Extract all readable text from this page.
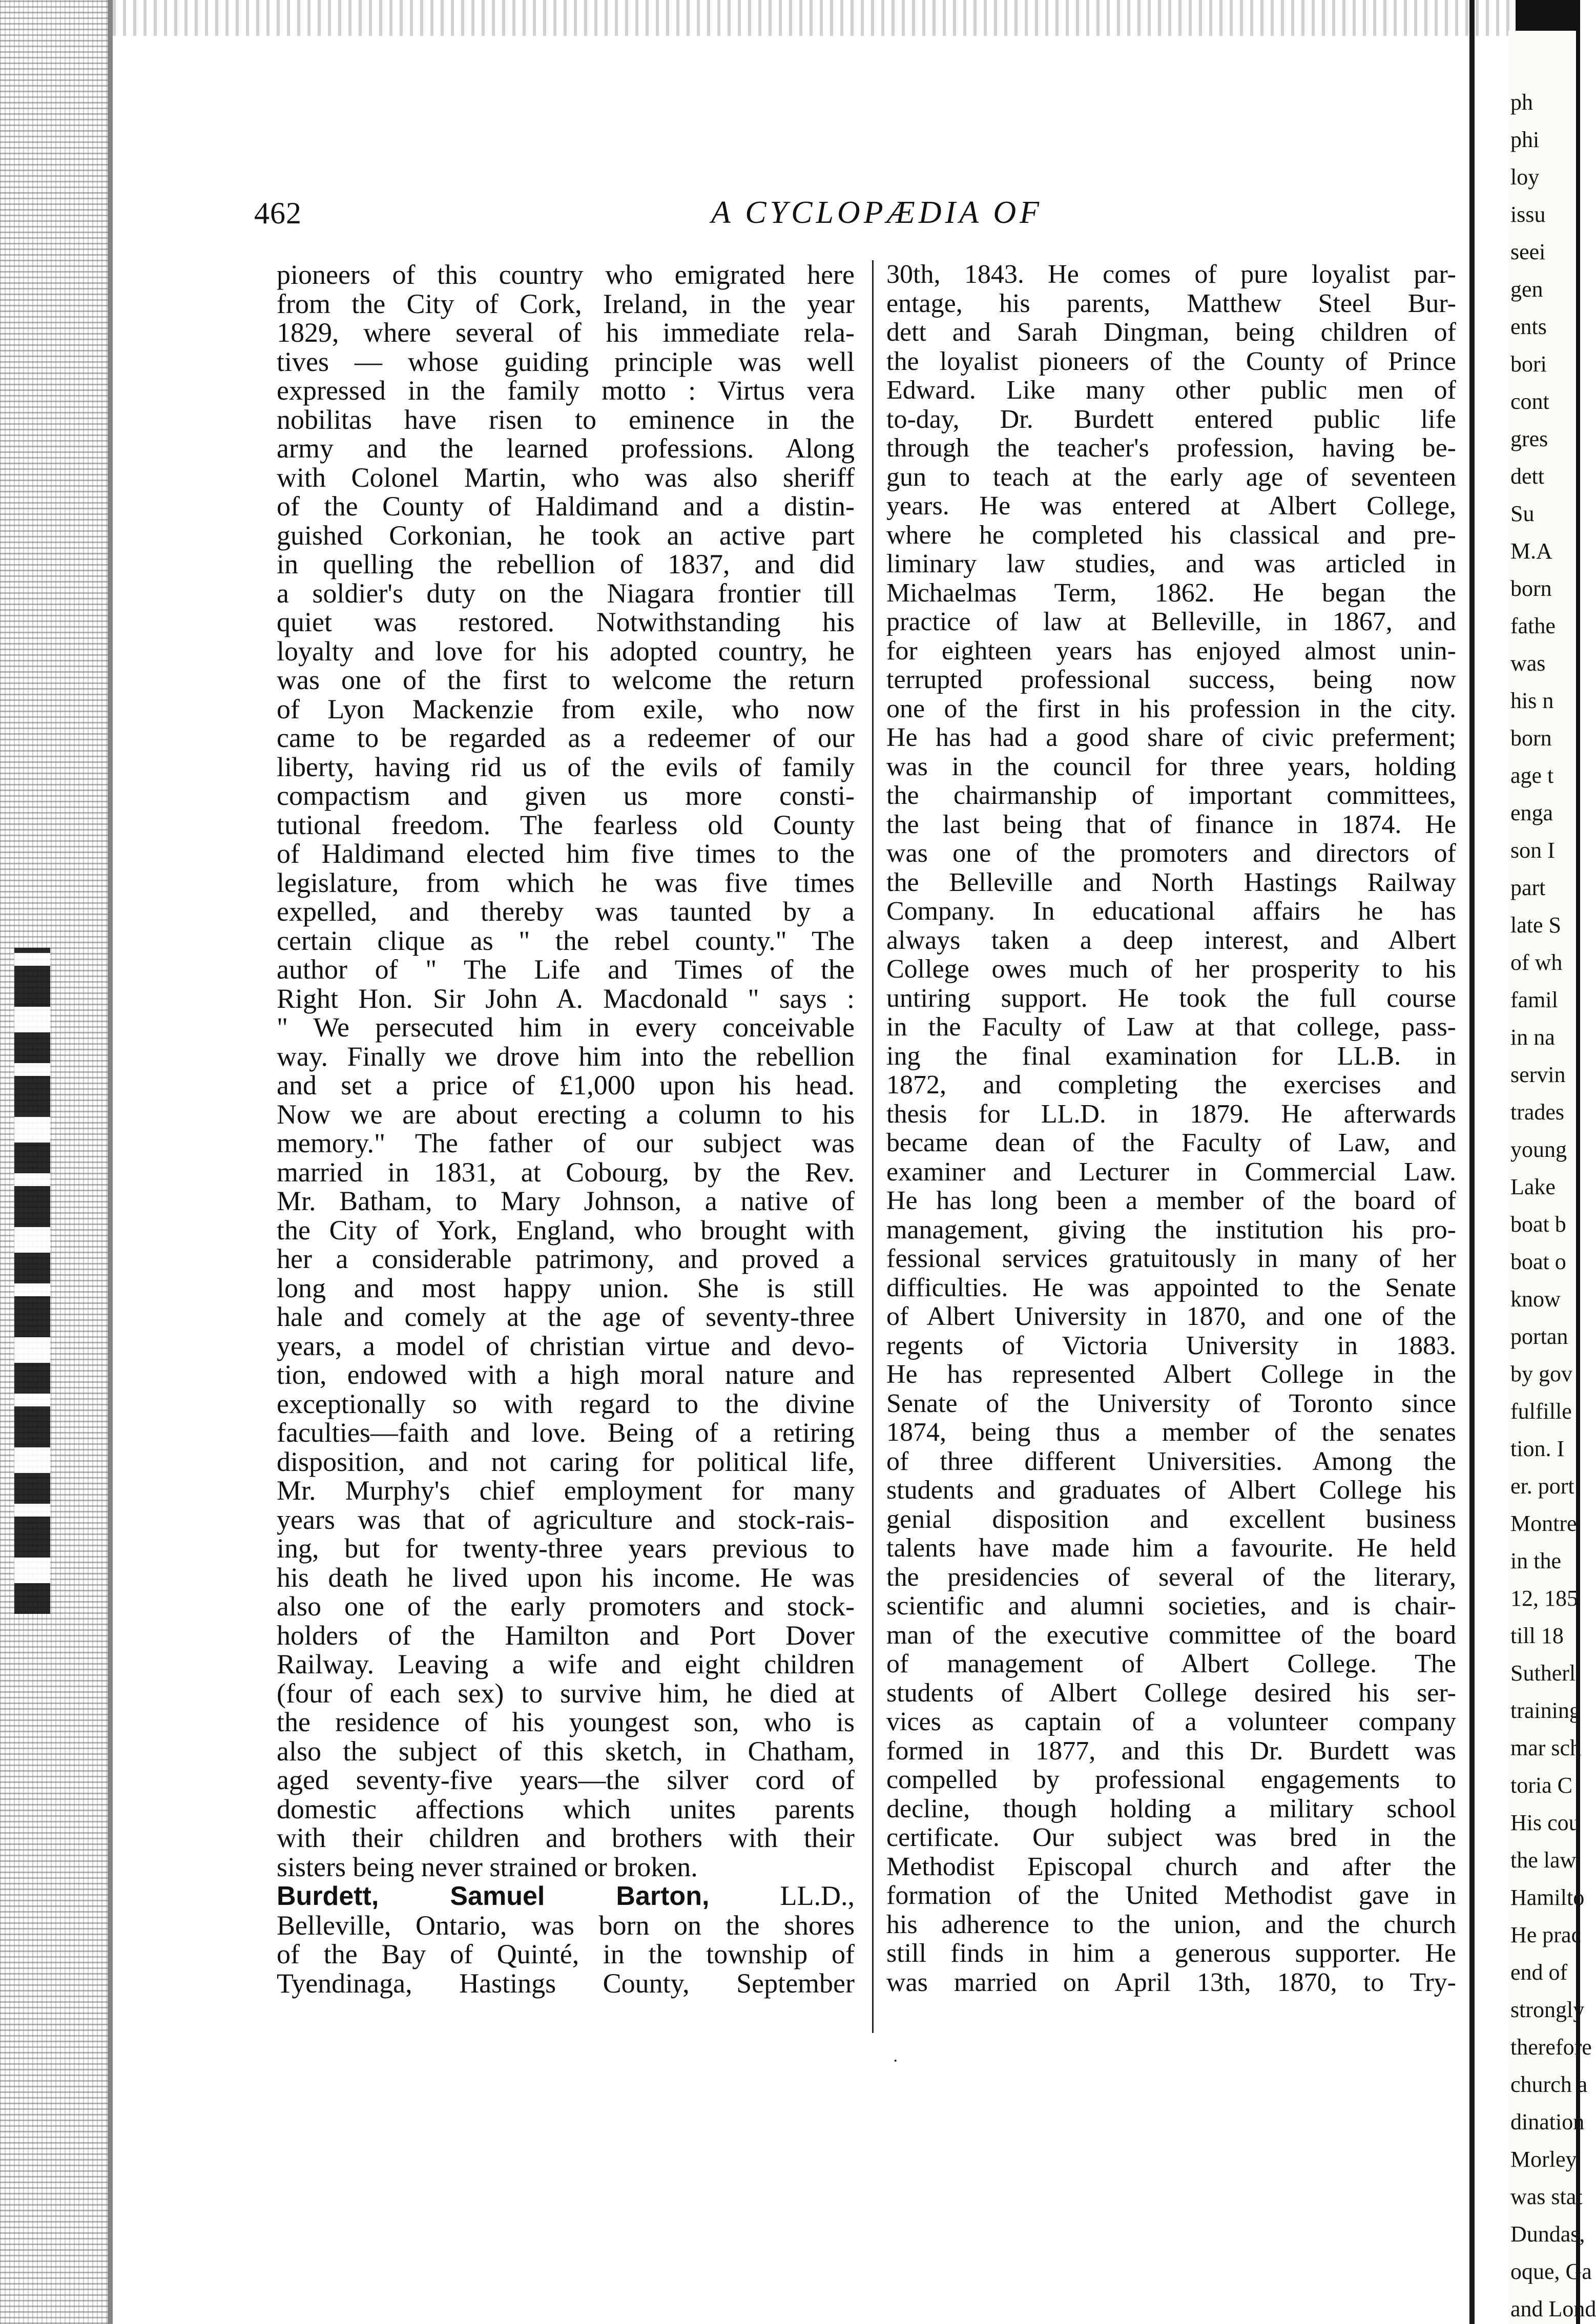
ph
phi
loy
issu
seei
gen
ents
bori
cont
gres
dett
Su
M.A
born
fathe
was
his n
born
age t
enga
son I
part
late S
of wh
famil
in na
servin
trades
young
Lake
boat b
boat o
know
portan
by gov
fulfille
tion. I
er. port
Montre
in the
12, 185
till 18
Sutherl
training
mar sch
toria C
His cou
the law
Hamilto
He prac
end of
strongly
therefore
church a
dination
Morley
was stat
Dundas,
oque, Ga
and Lond
462	A CYCLOPÆDIA OF
pioneers of this country who emigrated here
from the City of Cork, Ireland, in the year
1829, where several of his immediate rela-
tives — whose guiding principle was well
expressed in the family motto : Virtus vera
nobilitas have risen to eminence in the
army and the learned professions. Along
with Colonel Martin, who was also sheriff
of the County of Haldimand and a distin-
guished Corkonian, he took an active part
in quelling the rebellion of 1837, and did
a soldier's duty on the Niagara frontier till
quiet was restored. Notwithstanding his
loyalty and love for his adopted country, he
was one of the first to welcome the return
of Lyon Mackenzie from exile, who now
came to be regarded as a redeemer of our
liberty, having rid us of the evils of family
compactism and given us more consti-
tutional freedom. The fearless old County
of Haldimand elected him five times to the
legislature, from which he was five times
expelled, and thereby was taunted by a
certain clique as " the rebel county." The
author of " The Life and Times of the
Right Hon. Sir John A. Macdonald " says :
" We persecuted him in every conceivable
way. Finally we drove him into the rebellion
and set a price of £1,000 upon his head.
Now we are about erecting a column to his
memory." The father of our subject was
married in 1831, at Cobourg, by the Rev.
Mr. Batham, to Mary Johnson, a native of
the City of York, England, who brought with
her a considerable patrimony, and proved a
long and most happy union. She is still
hale and comely at the age of seventy-three
years, a model of christian virtue and devo-
tion, endowed with a high moral nature and
exceptionally so with regard to the divine
faculties—faith and love. Being of a retiring
disposition, and not caring for political life,
Mr. Murphy's chief employment for many
years was that of agriculture and stock-rais-
ing, but for twenty-three years previous to
his death he lived upon his income. He was
also one of the early promoters and stock-
holders of the Hamilton and Port Dover
Railway. Leaving a wife and eight children
(four of each sex) to survive him, he died at
the residence of his youngest son, who is
also the subject of this sketch, in Chatham,
aged seventy-five years—the silver cord of
domestic affections which unites parents
with their children and brothers with their
sisters being never strained or broken.
Burdett, Samuel Barton, LL.D.,
Belleville, Ontario, was born on the shores
of the Bay of Quinté, in the township of
Tyendinaga, Hastings County, September
30th, 1843. He comes of pure loyalist par-
entage, his parents, Matthew Steel Bur-
dett and Sarah Dingman, being children of
the loyalist pioneers of the County of Prince
Edward. Like many other public men of
to-day, Dr. Burdett entered public life
through the teacher's profession, having be-
gun to teach at the early age of seventeen
years. He was entered at Albert College,
where he completed his classical and pre-
liminary law studies, and was articled in
Michaelmas Term, 1862. He began the
practice of law at Belleville, in 1867, and
for eighteen years has enjoyed almost unin-
terrupted professional success, being now
one of the first in his profession in the city.
He has had a good share of civic preferment;
was in the council for three years, holding
the chairmanship of important committees,
the last being that of finance in 1874. He
was one of the promoters and directors of
the Belleville and North Hastings Railway
Company. In educational affairs he has
always taken a deep interest, and Albert
College owes much of her prosperity to his
untiring support. He took the full course
in the Faculty of Law at that college, pass-
ing the final examination for LL.B. in
1872, and completing the exercises and
thesis for LL.D. in 1879. He afterwards
became dean of the Faculty of Law, and
examiner and Lecturer in Commercial Law.
He has long been a member of the board of
management, giving the institution his pro-
fessional services gratuitously in many of her
difficulties. He was appointed to the Senate
of Albert University in 1870, and one of the
regents of Victoria University in 1883.
He has represented Albert College in the
Senate of the University of Toronto since
1874, being thus a member of the senates
of three different Universities. Among the
students and graduates of Albert College his
genial disposition and excellent business
talents have made him a favourite. He held
the presidencies of several of the literary,
scientific and alumni societies, and is chair-
man of the executive committee of the board
of management of Albert College. The
students of Albert College desired his ser-
vices as captain of a volunteer company
formed in 1877, and this Dr. Burdett was
compelled by professional engagements to
decline, though holding a military school
certificate. Our subject was bred in the
Methodist Episcopal church and after the
formation of the United Methodist gave in
his adherence to the union, and the church
still finds in him a generous supporter. He
was married on April 13th, 1870, to Try-
·
